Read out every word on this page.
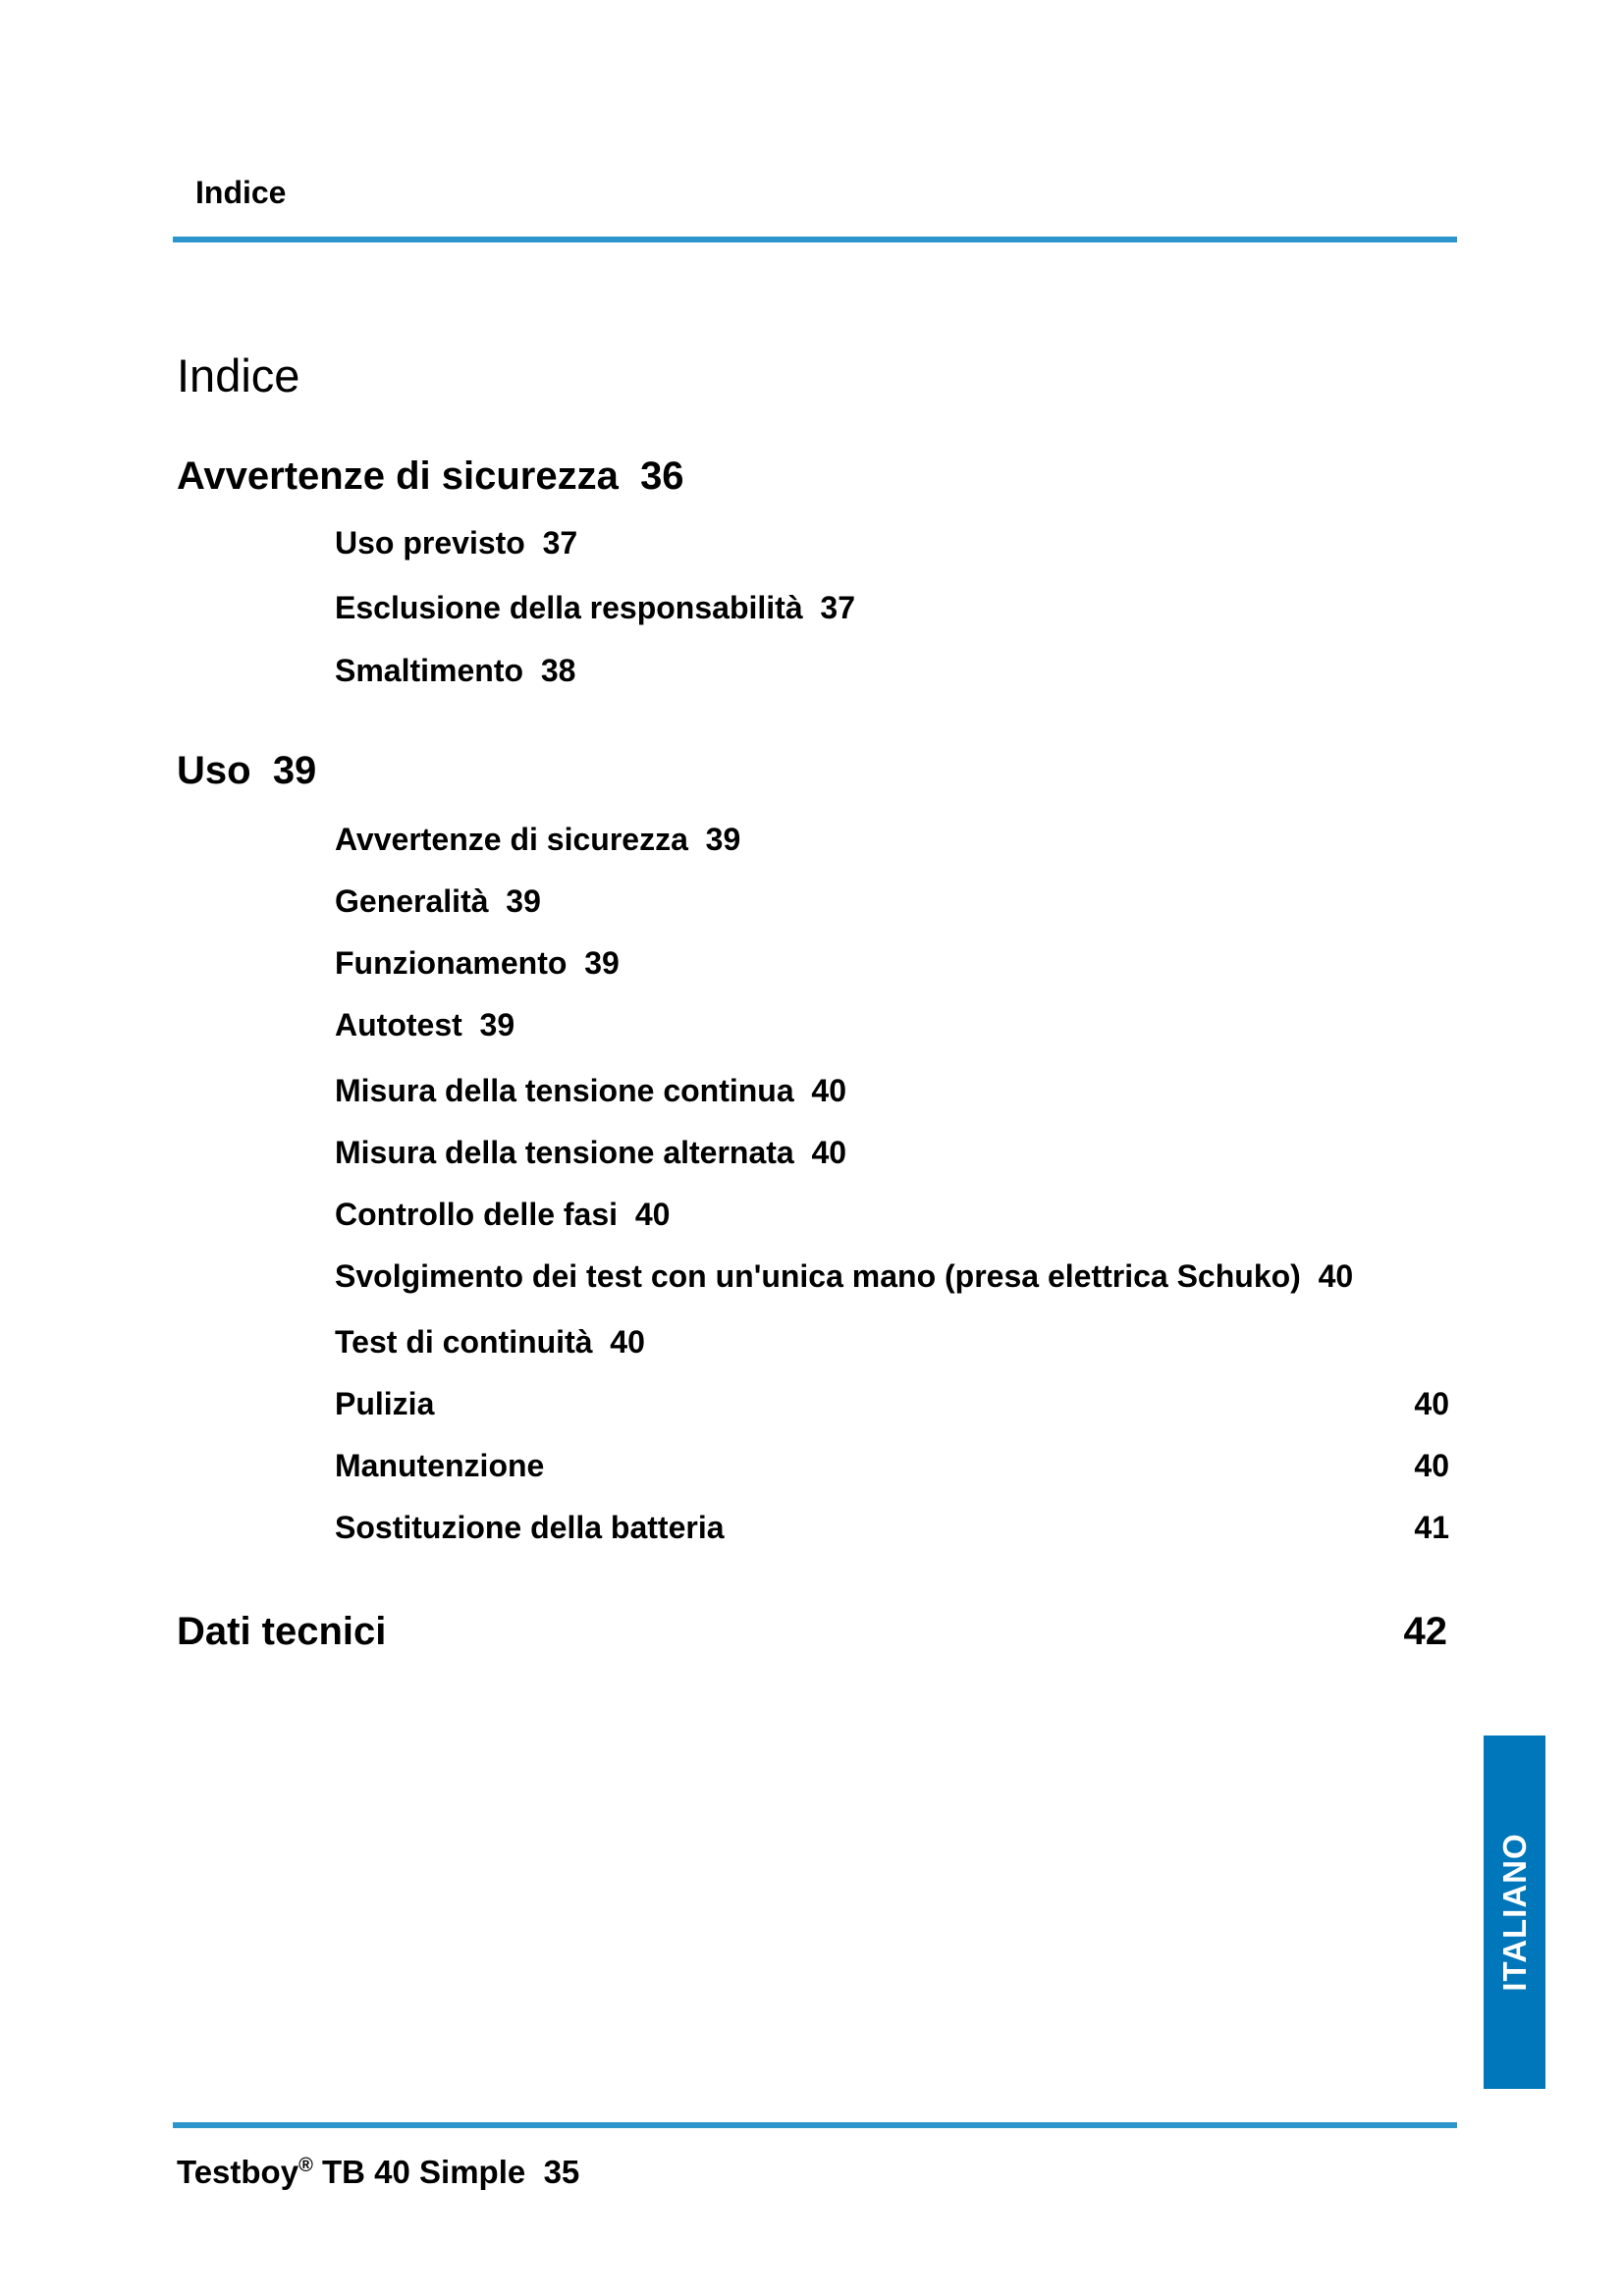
Indice
Indice
Avvertenze di sicurezza 36
Uso previsto 37
Esclusione della responsabilità 37
Smaltimento 38
Uso 39
Avvertenze di sicurezza 39
Generalità 39
Funzionamento 39
Autotest 39
Misura della tensione continua 40
Misura della tensione alternata 40
Controllo delle fasi 40
Svolgimento dei test con un'unica mano (presa elettrica Schuko) 40
Test di continuità 40
Pulizia	40
Manutenzione	40
Sostituzione della batteria	41
Dati tecnici	42
ITALIANO
Testboy® TB 40 Simple 35
